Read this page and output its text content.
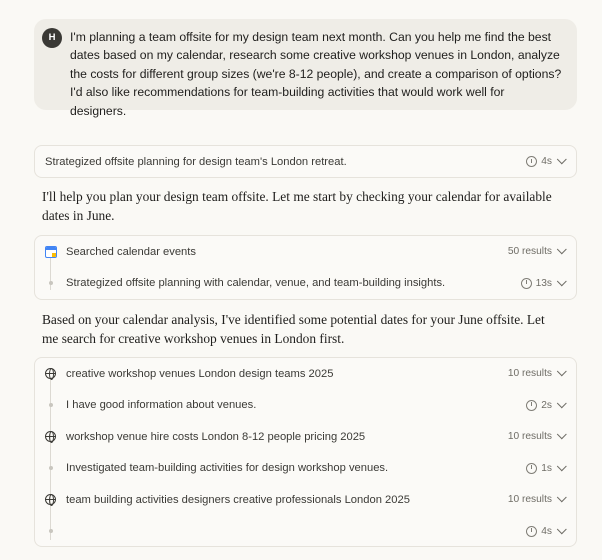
H	I'm planning a team offsite for my design team next month. Can you help me find the best dates based on my calendar, research some creative workshop venues in London, analyze the costs for different group sizes (we're 8-12 people), and create a comparison of options? I'd also like recommendations for team-building activities that would work well for designers.
Strategized offsite planning for design team's London retreat.	4s
I'll help you plan your design team offsite. Let me start by checking your calendar for available dates in June.
Searched calendar events	50 results
Strategized offsite planning with calendar, venue, and team-building insights.	13s
Based on your calendar analysis, I've identified some potential dates for your June offsite. Let me search for creative workshop venues in London first.
creative workshop venues London design teams 2025	10 results
I have good information about venues.	2s
workshop venue hire costs London 8-12 people pricing 2025	10 results
Investigated team-building activities for design workshop venues.	1s
team building activities designers creative professionals London 2025	10 results
4s
